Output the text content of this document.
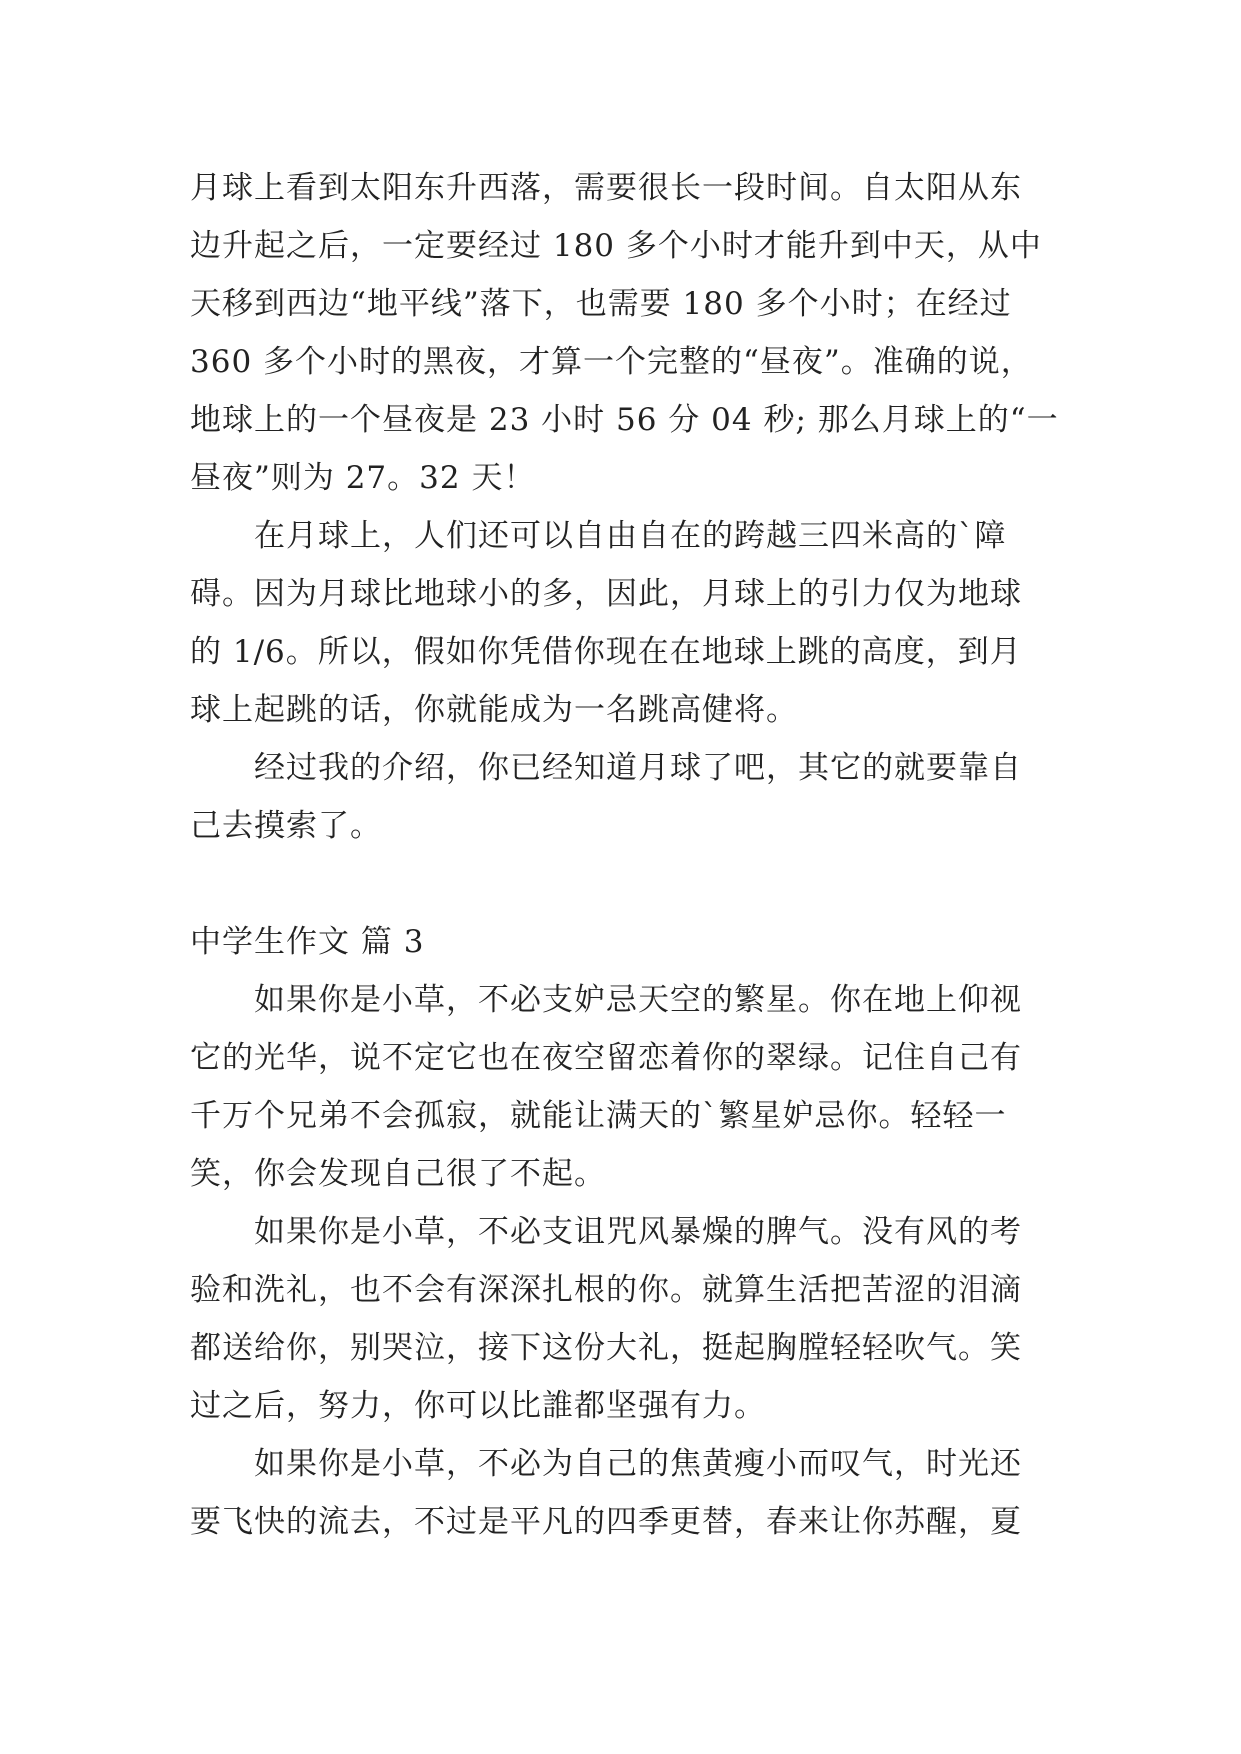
月球上看到太阳东升西落，需要很长一段时间。自太阳从东
边升起之后，一定要经过 180 多个小时才能升到中天，从中
天移到西边“地平线”落下，也需要 180 多个小时；在经过
360 多个小时的黑夜，才算一个完整的“昼夜”。准确的说，
地球上的一个昼夜是 23 小时 56 分 04 秒; 那么月球上的“一
昼夜”则为 27。32 天！
在月球上，人们还可以自由自在的跨越三四米高的`障
碍。因为月球比地球小的多，因此，月球上的引力仅为地球
的 1/6。所以，假如你凭借你现在在地球上跳的高度，到月
球上起跳的话，你就能成为一名跳高健将。
经过我的介绍，你已经知道月球了吧，其它的就要靠自
己去摸索了。
中学生作文 篇 3
如果你是小草，不必支妒忌天空的繁星。你在地上仰视
它的光华，说不定它也在夜空留恋着你的翠绿。记住自己有
千万个兄弟不会孤寂，就能让满天的`繁星妒忌你。轻轻一
笑，你会发现自己很了不起。
如果你是小草，不必支诅咒风暴燥的脾气。没有风的考
验和洗礼，也不会有深深扎根的你。就算生活把苦涩的泪滴
都送给你，别哭泣，接下这份大礼，挺起胸膛轻轻吹气。笑
过之后，努力，你可以比誰都坚强有力。
如果你是小草，不必为自己的焦黄瘦小而叹气，时光还
要飞快的流去，不过是平凡的四季更替，春来让你苏醒，夏
